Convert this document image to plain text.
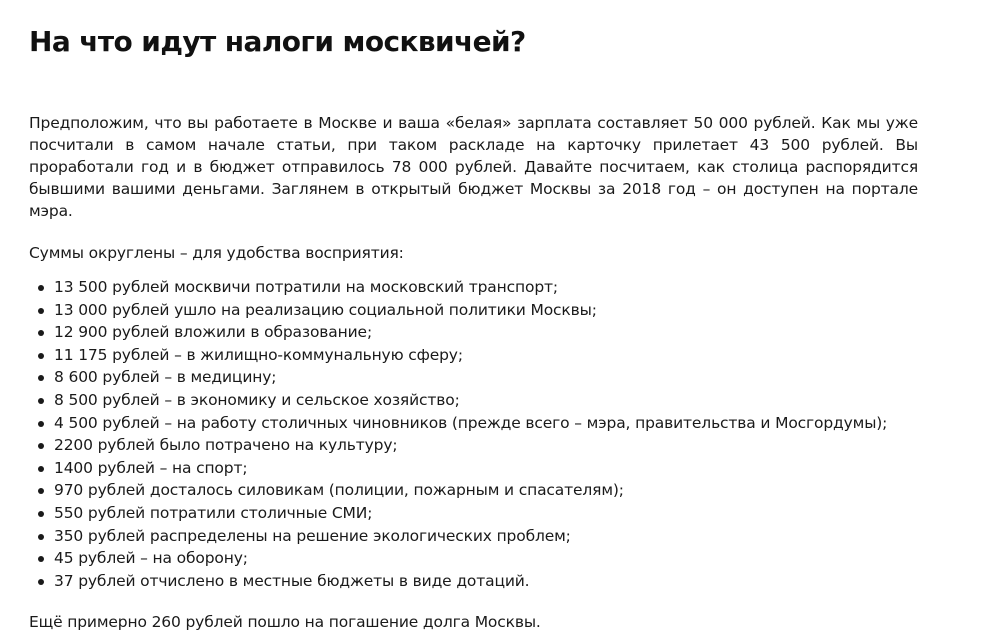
На что идут налоги москвичей?

Предположим, что вы работаете в Москве и ваша «белая» зарплата составляет 50 000 рублей. Как мы уже посчитали в самом начале статьи, при таком раскладе на карточку прилетает 43 500 рублей. Вы проработали год и в бюджет отправилось 78 000 рублей. Давайте посчитаем, как столица распорядится бывшими вашими деньгами. Заглянем в открытый бюджет Москвы за 2018 год – он доступен на портале мэра.

Суммы округлены – для удобства восприятия:

13 500 рублей москвичи потратили на московский транспорт;
13 000 рублей ушло на реализацию социальной политики Москвы;
12 900 рублей вложили в образование;
11 175 рублей – в жилищно-коммунальную сферу;
8 600 рублей – в медицину;
8 500 рублей – в экономику и сельское хозяйство;
4 500 рублей – на работу столичных чиновников (прежде всего – мэра, правительства и Мосгордумы);
2200 рублей было потрачено на культуру;
1400 рублей – на спорт;
970 рублей досталось силовикам (полиции, пожарным и спасателям);
550 рублей потратили столичные СМИ;
350 рублей распределены на решение экологических проблем;
45 рублей – на оборону;
37 рублей отчислено в местные бюджеты в виде дотаций.

Ещё примерно 260 рублей пошло на погашение долга Москвы.
